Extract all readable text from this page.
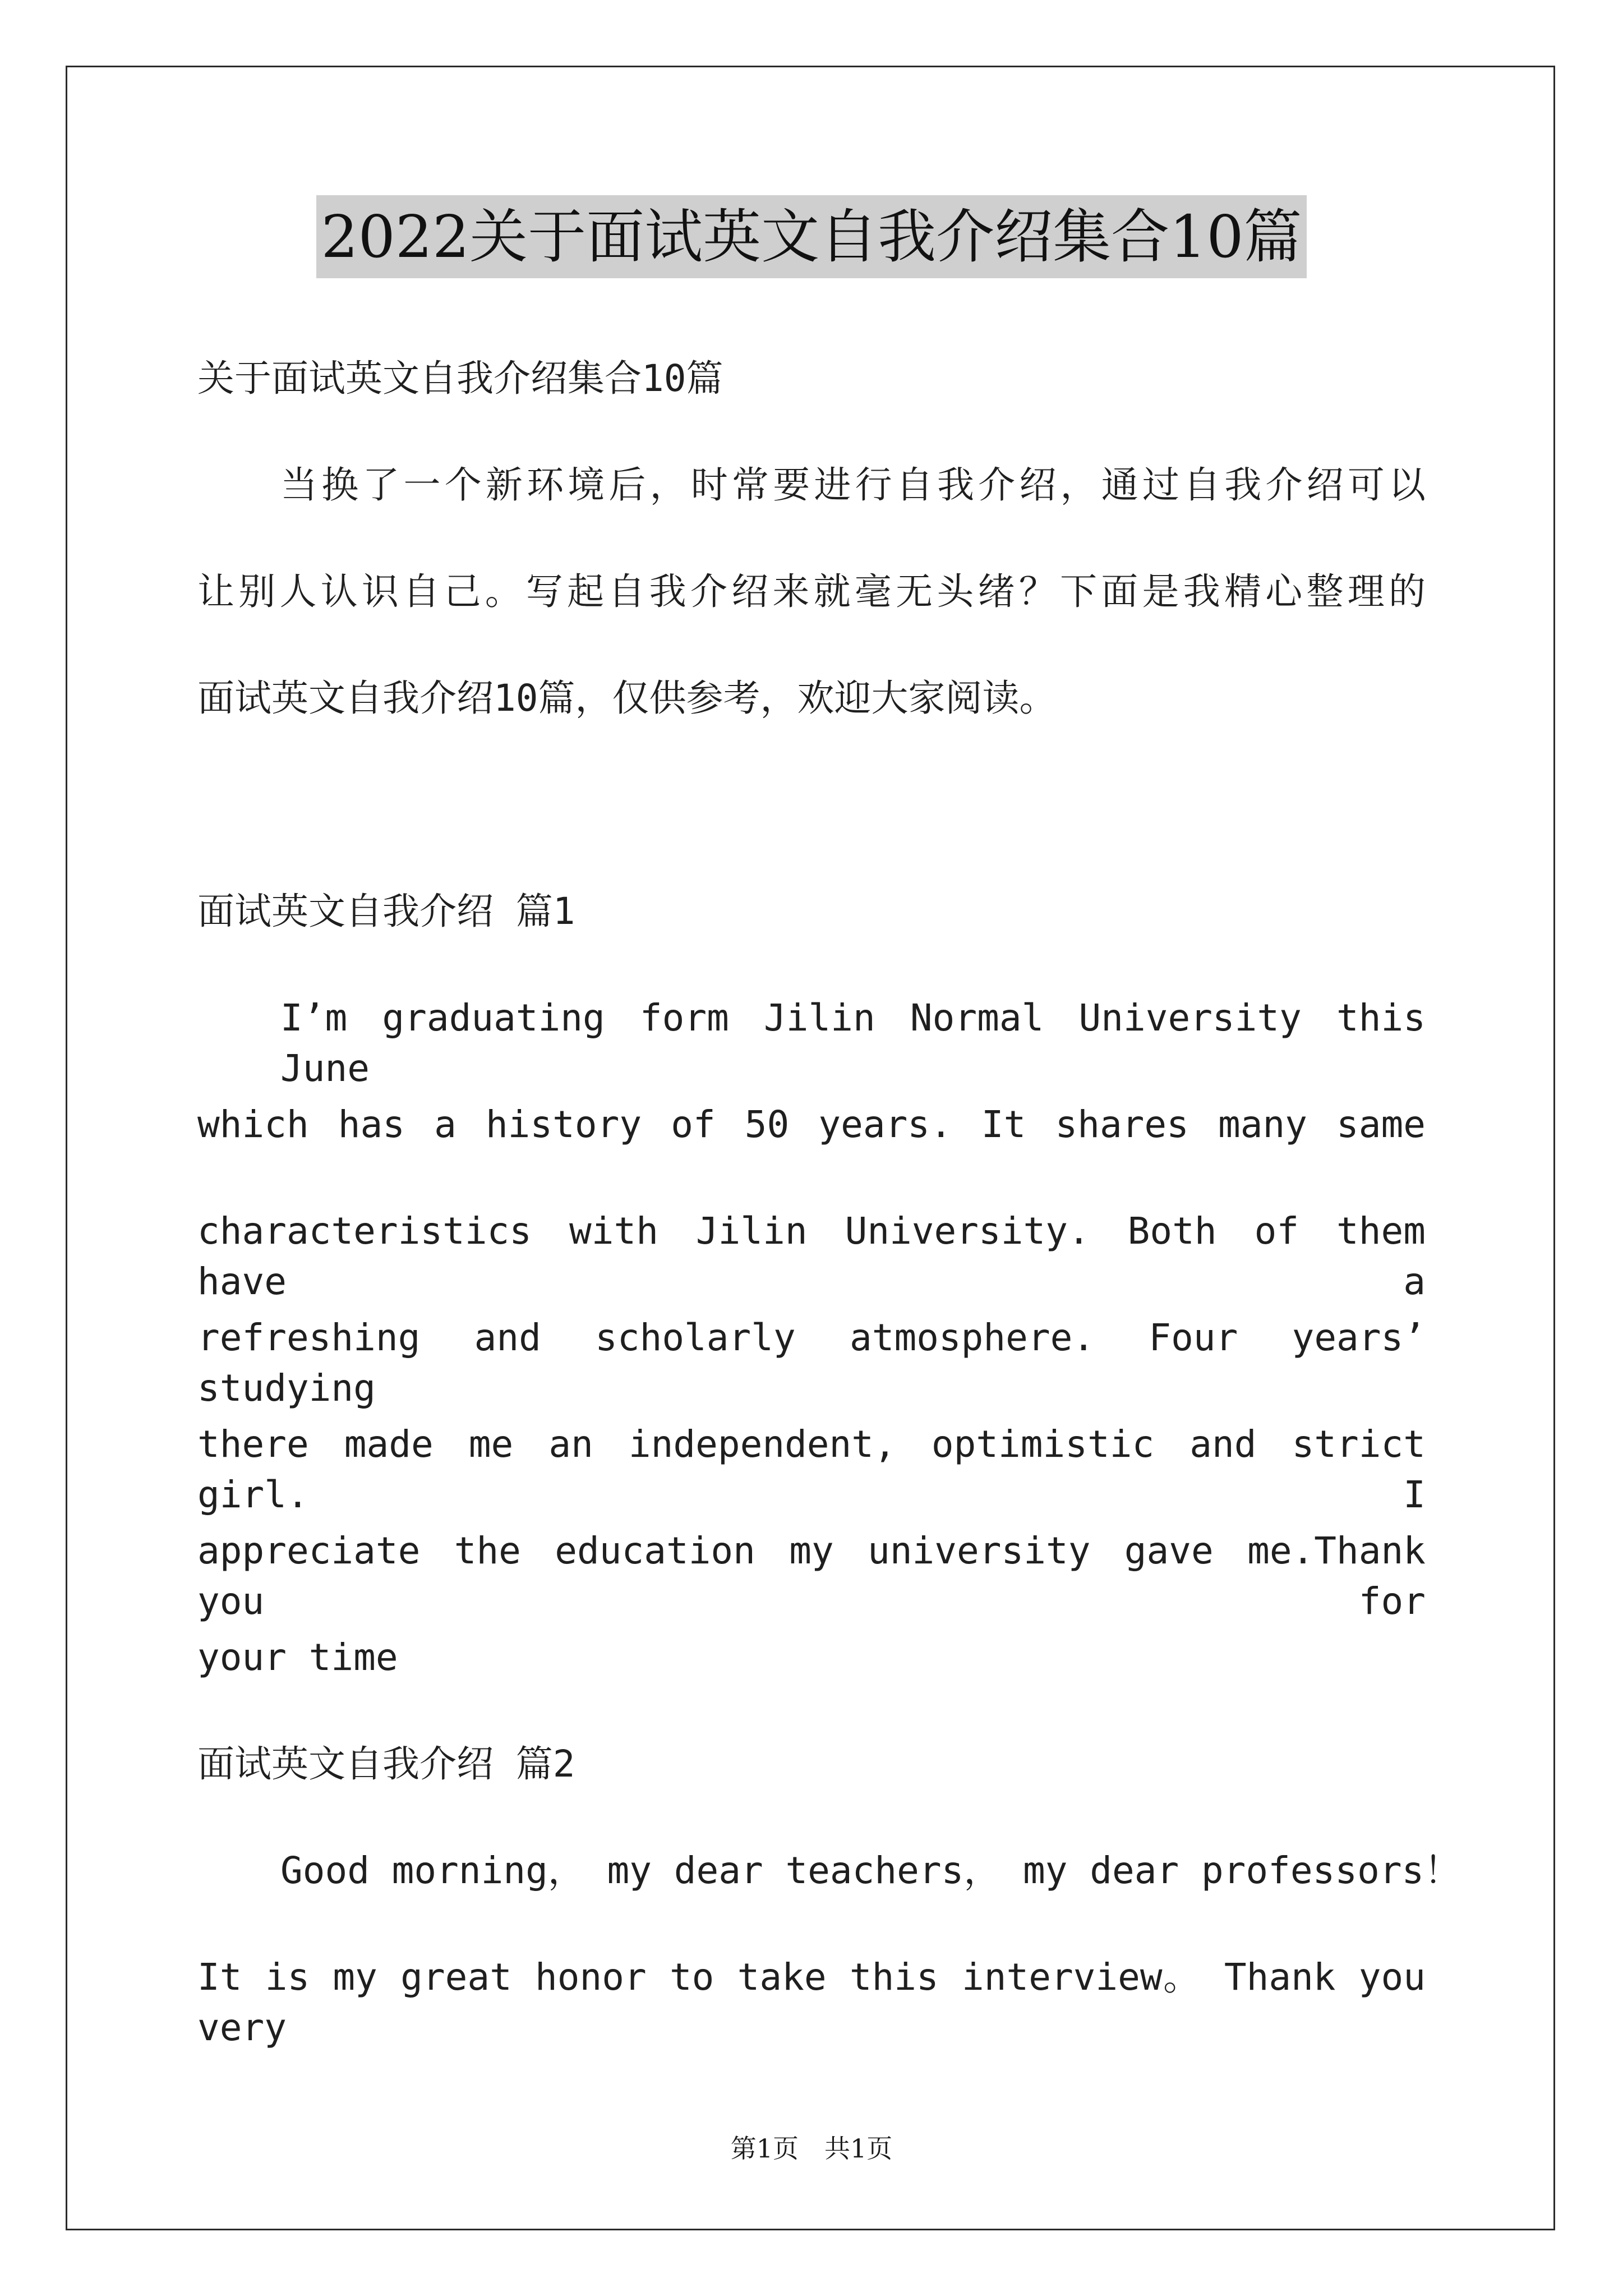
2022关于面试英文自我介绍集合10篇

关于面试英文自我介绍集合10篇

当换了一个新环境后，时常要进行自我介绍，通过自我介绍可以

让别人认识自己。写起自我介绍来就毫无头绪？下面是我精心整理的

面试英文自我介绍10篇，仅供参考，欢迎大家阅读。

面试英文自我介绍 篇1

I’m graduating form Jilin Normal University this June

which has a history of 50 years. It shares many same

characteristics with Jilin University. Both of them have a

refreshing and scholarly atmosphere. Four years’ studying

there made me an independent, optimistic and strict girl. I

appreciate the education my university gave me.Thank you for

your time

面试英文自我介绍 篇2

Good morning， my dear teachers， my dear professors！

It is my great honor to take this interview。 Thank you very

第1页　共1页
